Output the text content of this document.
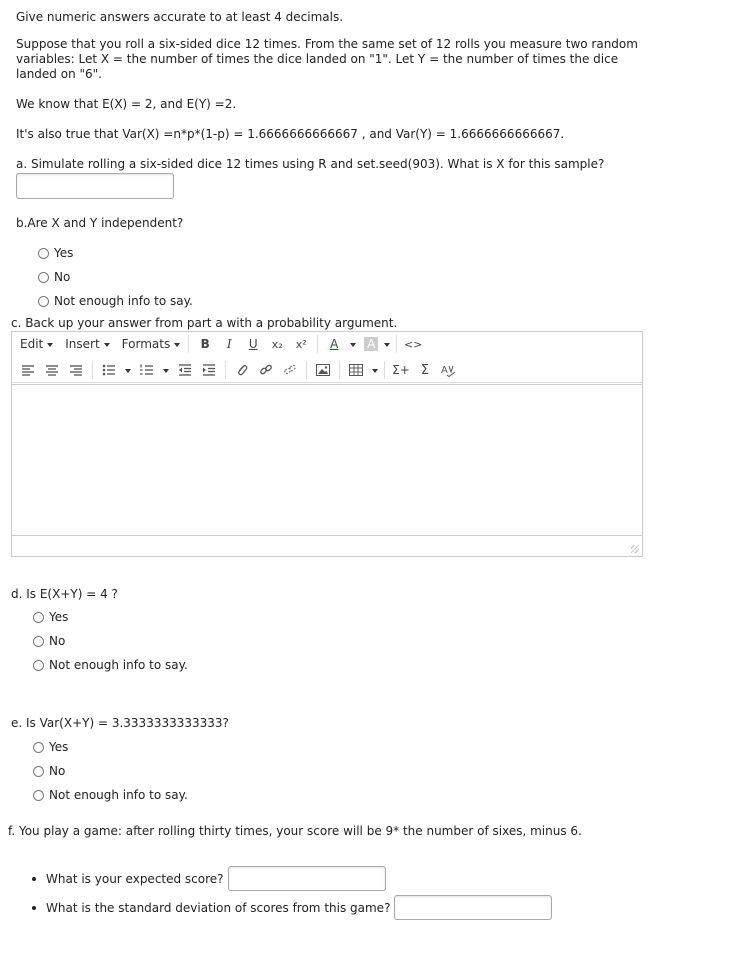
Give numeric answers accurate to at least 4 decimals.
Suppose that you roll a six-sided dice 12 times. From the same set of 12 rolls you measure two random variables: Let X = the number of times the dice landed on "1". Let Y = the number of times the dice landed on "6".
We know that E(X) = 2, and E(Y) =2.
It's also true that Var(X) =n*p*(1-p) = 1.6666666666667 , and Var(Y) = 1.6666666666667.
a. Simulate rolling a six-sided dice 12 times using R and set.seed(903). What is X for this sample?
b.Are X and Y independent?
Yes
No
Not enough info to say.
c. Back up your answer from part a with a probability argument.
Edit Insert Formats	B	I	U	x₂	x²	A	A	<>
Σ+ Σ	A
d. Is E(X+Y) = 4 ?
Yes
No
Not enough info to say.
e. Is Var(X+Y) = 3.3333333333333?
Yes
No
Not enough info to say.
f. You play a game: after rolling thirty times, your score will be 9* the number of sixes, minus 6.
What is your expected score?
What is the standard deviation of scores from this game?
